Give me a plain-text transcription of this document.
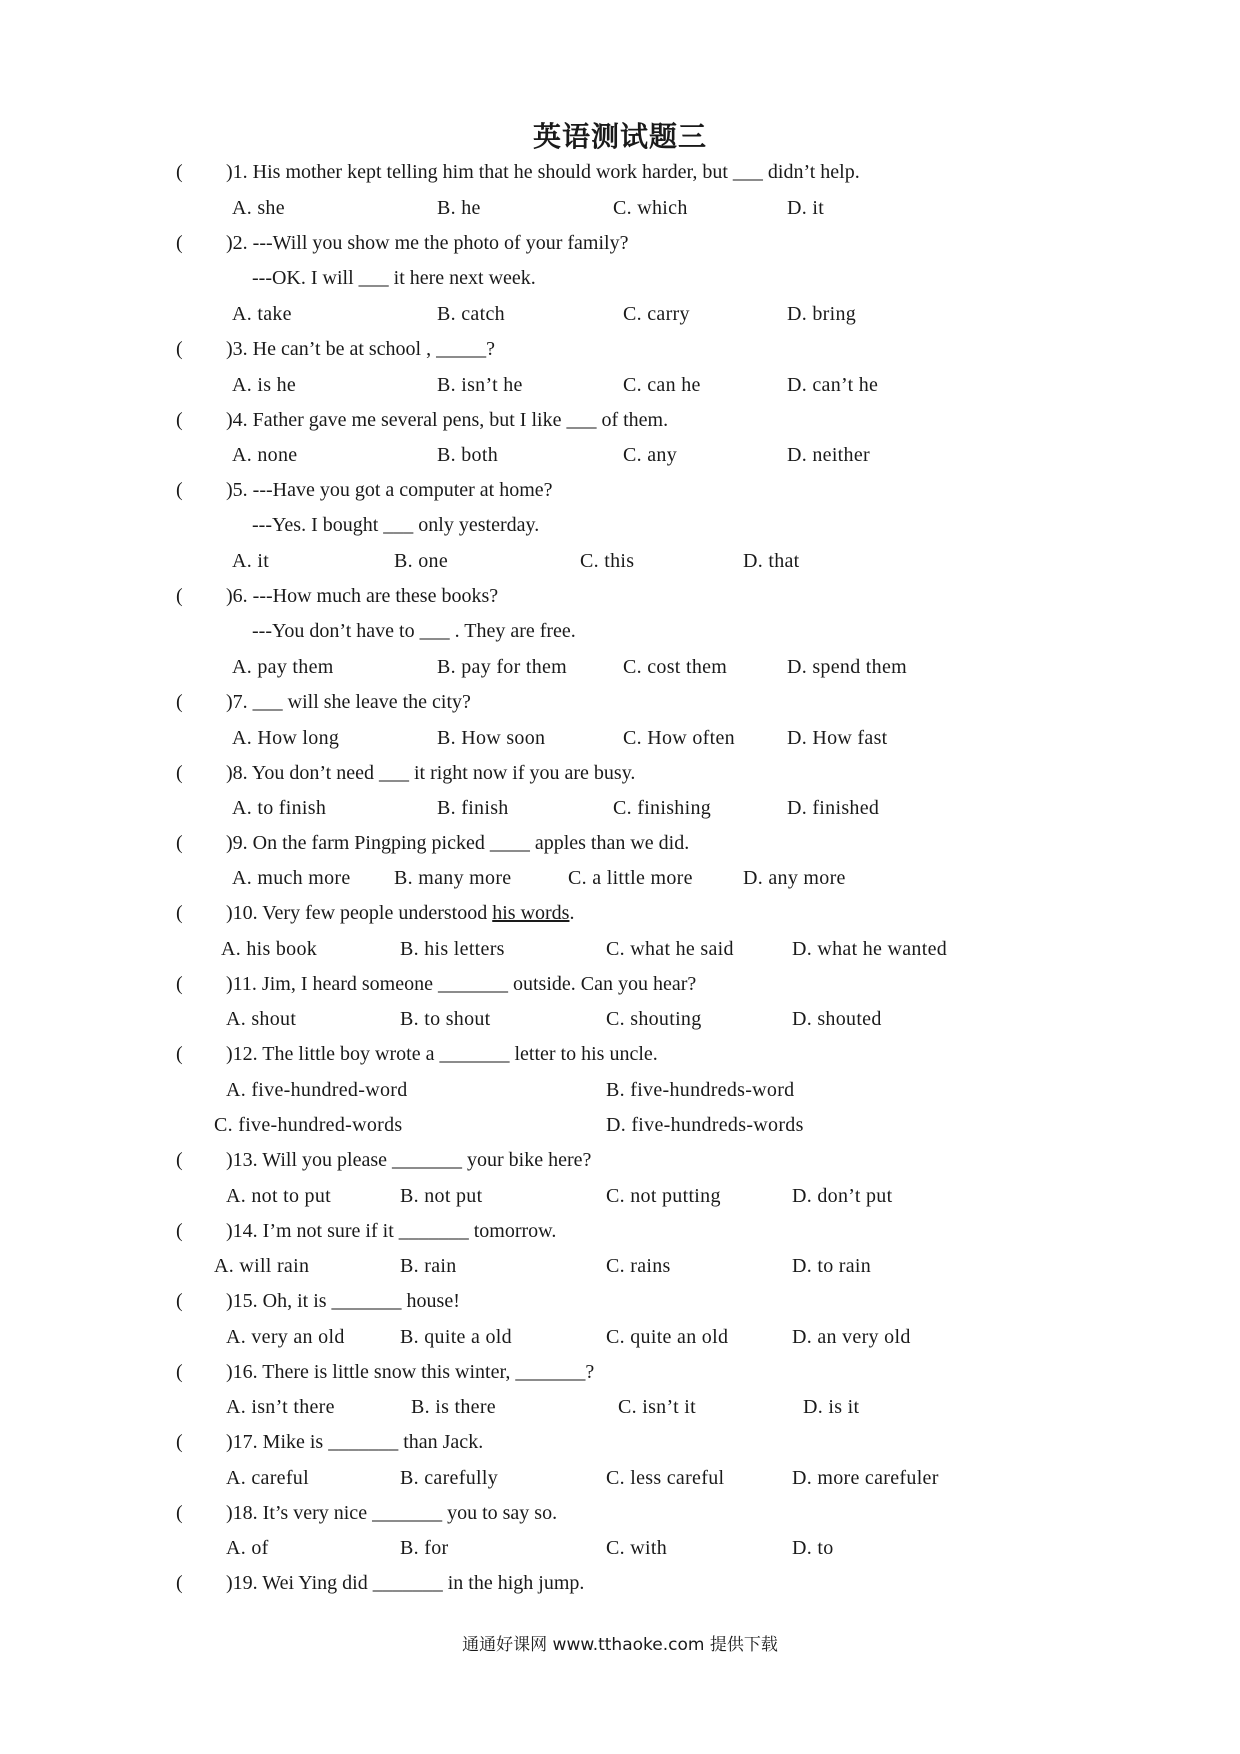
英语测试题三
( )1. His mother kept telling him that he should work harder, but ___ didn’t help.
A. she	B. he	C. which	D. it
( )2. ---Will you show me the photo of your family?
---OK. I will ___ it here next week.
A. take	B. catch	C. carry	D. bring
( )3. He can’t be at school , _____?
A. is he	B. isn’t he	C. can he	D. can’t he
( )4. Father gave me several pens, but I like ___ of them.
A. none	B. both	C. any	D. neither
( )5. ---Have you got a computer at home?
---Yes. I bought ___ only yesterday.
A. it	B. one	C. this	D. that
( )6. ---How much are these books?
---You don’t have to ___ . They are free.
A. pay them	B. pay for them	C. cost them	D. spend them
( )7. ___ will she leave the city?
A. How long	B. How soon	C. How often	D. How fast
( )8. You don’t need ___ it right now if you are busy.
A. to finish	B. finish	C. finishing	D. finished
( )9. On the farm Pingping picked ____ apples than we did.
A. much more B. many more	C. a little more	D. any more
( )10. Very few people understood his words.
A. his book	B. his letters	C. what he said	D. what he wanted
( )11. Jim, I heard someone _______ outside. Can you hear?
A. shout	B. to shout	C. shouting	D. shouted
( )12. The little boy wrote a _______ letter to his uncle.
A. five-hundred-word	B. five-hundreds-word
C. five-hundred-words	D. five-hundreds-words
( )13. Will you please _______ your bike here?
A. not to put	B. not put	C. not putting	D. don’t put
( )14. I’m not sure if it _______ tomorrow.
A. will rain	B. rain	C. rains	D. to rain
( )15. Oh, it is _______ house!
A. very an old	B. quite a old	C. quite an old	D. an very old
( )16. There is little snow this winter, _______?
A. isn’t there	B. is there	C. isn’t it	D. is it
( )17. Mike is _______ than Jack.
A. careful	B. carefully	C. less careful	D. more carefuler
( )18. It’s very nice _______ you to say so.
A. of	B. for	C. with	D. to
( )19. Wei Ying did _______ in the high jump.
通通好课网 www.tthaoke.com 提供下载
